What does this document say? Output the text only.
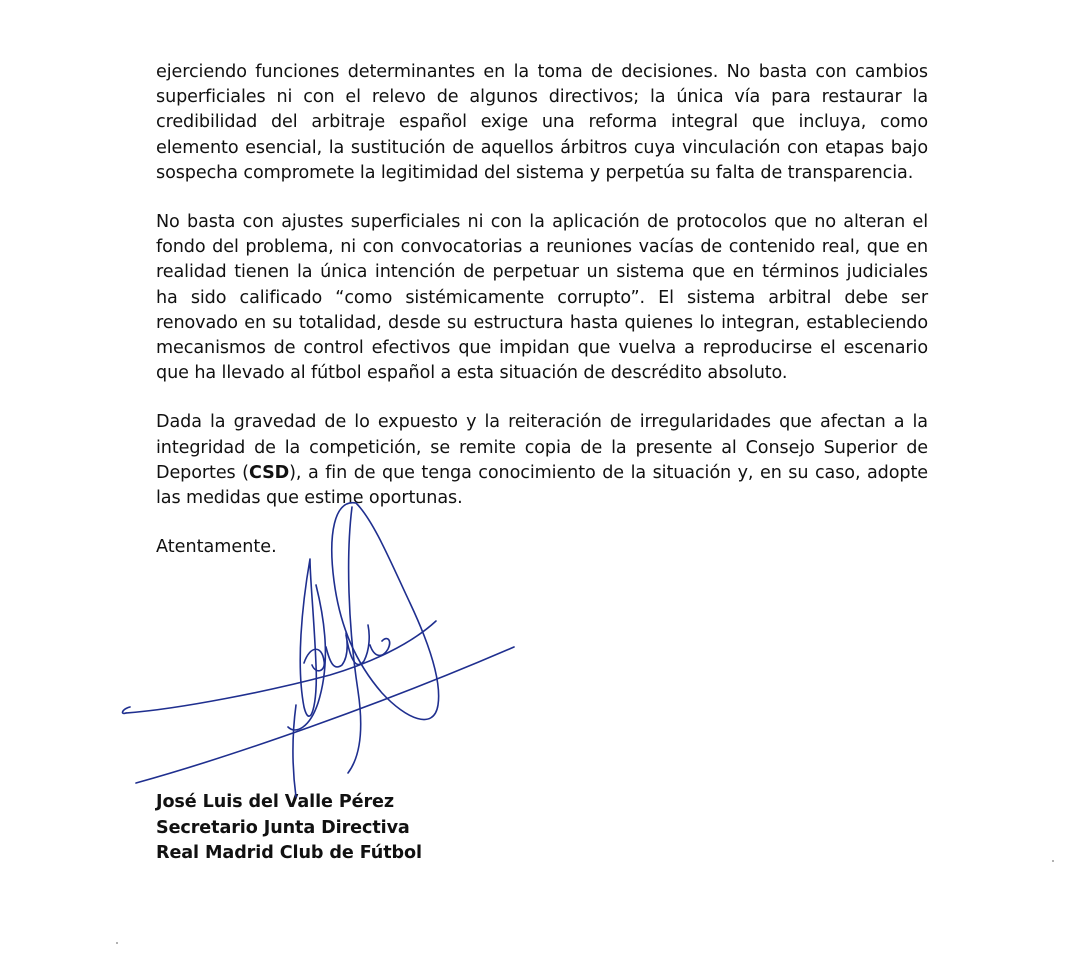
ejerciendo funciones determinantes en la toma de decisiones. No basta con cambios superficiales ni con el relevo de algunos directivos; la única vía para restaurar la credibilidad del arbitraje español exige una reforma integral que incluya, como elemento esencial, la sustitución de aquellos árbitros cuya vinculación con etapas bajo sospecha compromete la legitimidad del sistema y perpetúa su falta de transparencia.

No basta con ajustes superficiales ni con la aplicación de protocolos que no alteran el fondo del problema, ni con convocatorias a reuniones vacías de contenido real, que en realidad tienen la única intención de perpetuar un sistema que en términos judiciales ha sido calificado “como sistémicamente corrupto”. El sistema arbitral debe ser renovado en su totalidad, desde su estructura hasta quienes lo integran, estableciendo mecanismos de control efectivos que impidan que vuelva a reproducirse el escenario que ha llevado al fútbol español a esta situación de descrédito absoluto.

Dada la gravedad de lo expuesto y la reiteración de irregularidades que afectan a la integridad de la competición, se remite copia de la presente al Consejo Superior de Deportes (CSD), a fin de que tenga conocimiento de la situación y, en su caso, adopte las medidas que estime oportunas.

Atentamente.

Valle
José Luis del Valle Pérez
Secretario Junta Directiva
Real Madrid Club de Fútbol
